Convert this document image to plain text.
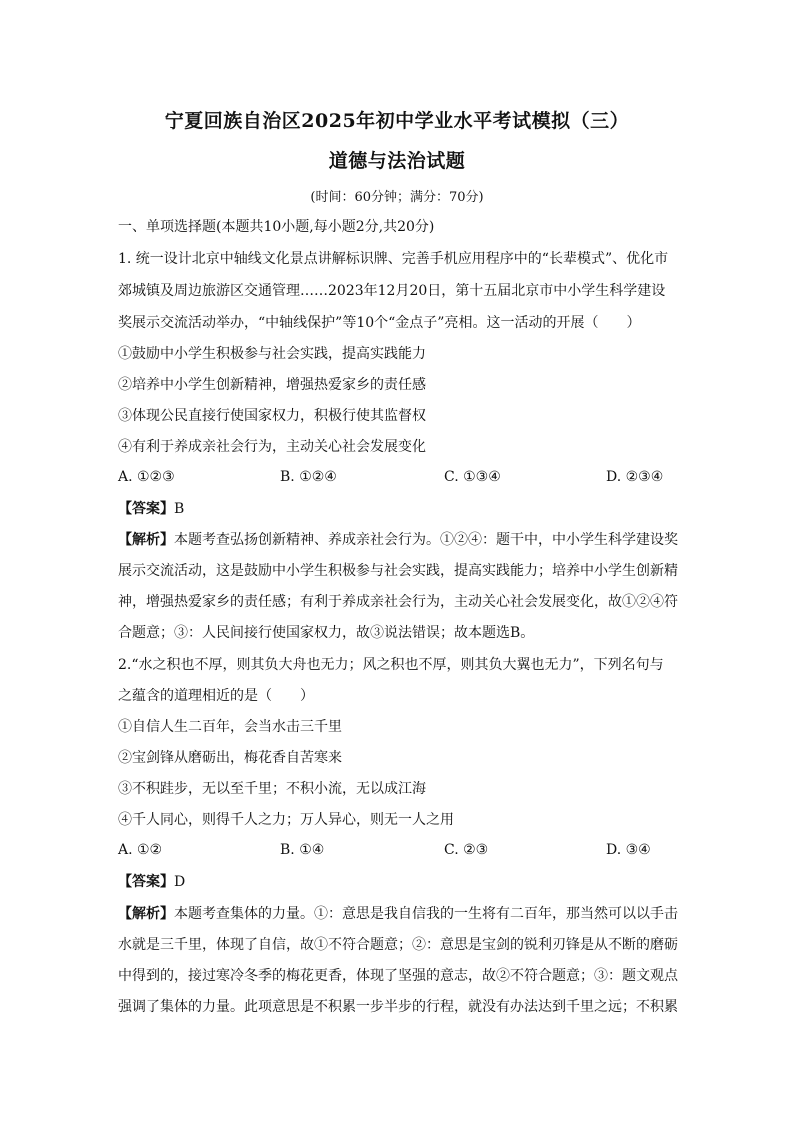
宁夏回族自治区2025年初中学业水平考试模拟（三）
道德与法治试题
(时间：60分钟；满分：70分)
一、单项选择题(本题共10小题,每小题2分,共20分)
1. 统一设计北京中轴线文化景点讲解标识牌、完善手机应用程序中的“长辈模式”、优化市
郊城镇及周边旅游区交通管理……2023年12月20日，第十五届北京市中小学生科学建设
奖展示交流活动举办，“中轴线保护”等10个“金点子”亮相。这一活动的开展（　　）
①鼓励中小学生积极参与社会实践，提高实践能力
②培养中小学生创新精神，增强热爱家乡的责任感
③体现公民直接行使国家权力，积极行使其监督权
④有利于养成亲社会行为，主动关心社会发展变化
A. ①②③	B. ①②④	C. ①③④	D. ②③④
【答案】B
【解析】本题考查弘扬创新精神、养成亲社会行为。①②④：题干中，中小学生科学建设奖
展示交流活动，这是鼓励中小学生积极参与社会实践，提高实践能力；培养中小学生创新精
神，增强热爱家乡的责任感；有利于养成亲社会行为，主动关心社会发展变化，故①②④符
合题意；③：人民间接行使国家权力，故③说法错误；故本题选B。
2.“水之积也不厚，则其负大舟也无力；风之积也不厚，则其负大翼也无力”，下列名句与
之蕴含的道理相近的是（　　）
①自信人生二百年，会当水击三千里
②宝剑锋从磨砺出，梅花香自苦寒来
③不积跬步，无以至千里；不积小流，无以成江海
④千人同心，则得千人之力；万人异心，则无一人之用
A. ①②	B. ①④	C. ②③	D. ③④
【答案】D
【解析】本题考查集体的力量。①：意思是我自信我的一生将有二百年，那当然可以以手击
水就是三千里，体现了自信，故①不符合题意；②：意思是宝剑的锐利刃锋是从不断的磨砺
中得到的，接过寒冷冬季的梅花更香，体现了坚强的意志，故②不符合题意；③：题文观点
强调了集体的力量。此项意思是不积累一步半步的行程，就没有办法达到千里之远；不积累
